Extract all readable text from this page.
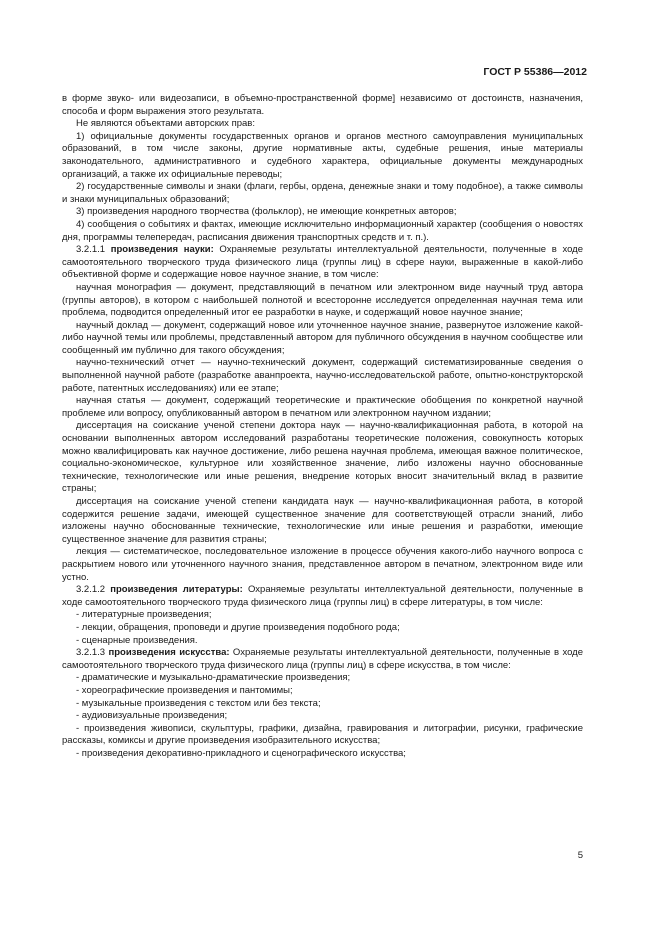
ГОСТ Р 55386—2012

в форме звуко- или видеозаписи, в объемно-пространственной форме] независимо от достоинств, назначения, способа и форм выражения этого результата.

Не являются объектами авторских прав:

1) официальные документы государственных органов и органов местного самоуправления муниципальных образований, в том числе законы, другие нормативные акты, судебные решения, иные материалы законодательного, административного и судебного характера, официальные документы международных организаций, а также их официальные переводы;

2) государственные символы и знаки (флаги, гербы, ордена, денежные знаки и тому подобное), а также символы и знаки муниципальных образований;

3) произведения народного творчества (фольклор), не имеющие конкретных авторов;

4) сообщения о событиях и фактах, имеющие исключительно информационный характер (сообщения о новостях дня, программы телепередач, расписания движения транспортных средств и т. п.).

3.2.1.1 произведения науки: Охраняемые результаты интеллектуальной деятельности, полученные в ходе самоотоятельного творческого труда физического лица (группы лиц) в сфере науки, выраженные в какой-либо объективной форме и содержащие новое научное знание, в том числе:

научная монография — документ, представляющий в печатном или электронном виде научный труд автора (группы авторов), в котором с наибольшей полнотой и всесторонне исследуется определенная научная тема или проблема, подводится определенный итог ее разработки в науке, и содержащий новое научное знание;

научный доклад — документ, содержащий новое или уточненное научное знание, развернутое изложение какой-либо научной темы или проблемы, представленный автором для публичного обсуждения в научном сообществе или сообщенный им публично для такого обсуждения;

научно-технический отчет — научно-технический документ, содержащий систематизированные сведения о выполненной научной работе (разработке аванпроекта, научно-исследовательской работе, опытно-конструкторской работе, патентных исследованиях) или ее этапе;

научная статья — документ, содержащий теоретические и практические обобщения по конкретной научной проблеме или вопросу, опубликованный автором в печатном или электронном научном издании;

диссертация на соискание ученой степени доктора наук — научно-квалификационная работа, в которой на основании выполненных автором исследований разработаны теоретические положения, совокупность которых можно квалифицировать как научное достижение, либо решена научная проблема, имеющая важное политическое, социально-экономическое, культурное или хозяйственное значение, либо изложены научно обоснованные технические, технологические или иные решения, внедрение которых вносит значительный вклад в развитие страны;

диссертация на соискание ученой степени кандидата наук — научно-квалификационная работа, в которой содержится решение задачи, имеющей существенное значение для соответствующей отрасли знаний, либо изложены научно обоснованные технические, технологические или иные решения и разработки, имеющие существенное значение для развития страны;

лекция — систематическое, последовательное изложение в процессе обучения какого-либо научного вопроса с раскрытием нового или уточненного научного знания, представленное автором в печатном, электронном виде или устно.

3.2.1.2 произведения литературы: Охраняемые результаты интеллектуальной деятельности, полученные в ходе самоотоятельного творческого труда физического лица (группы лиц) в сфере литературы, в том числе:

- литературные произведения;
- лекции, обращения, проповеди и другие произведения подобного рода;
- сценарные произведения.

3.2.1.3 произведения искусства: Охраняемые результаты интеллектуальной деятельности, полученные в ходе самоотоятельного творческого труда физического лица (группы лиц) в сфере искусства, в том числе:

- драматические и музыкально-драматические произведения;
- хореографические произведения и пантомимы;
- музыкальные произведения с текстом или без текста;
- аудиовизуальные произведения;
- произведения живописи, скульптуры, графики, дизайна, гравирования и литографии, рисунки, графические рассказы, комиксы и другие произведения изобразительного искусства;
- произведения декоративно-прикладного и сценографического искусства;
5
